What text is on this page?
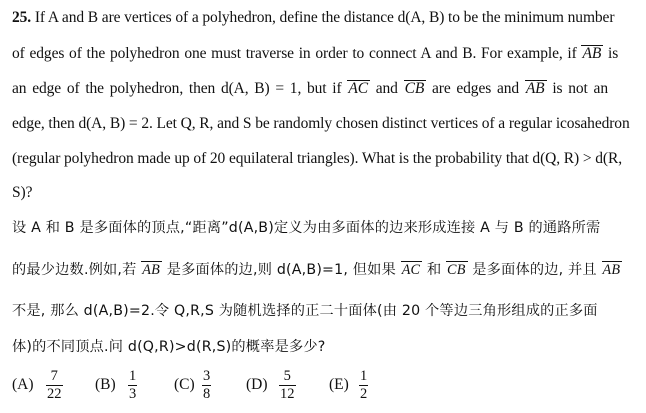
25. If A and B are vertices of a polyhedron, define the distance d(A, B) to be the minimum number
of edges of the polyhedron one must traverse in order to connect A and B. For example, if AB is
an edge of the polyhedron, then d(A, B) = 1, but if AC and CB are edges and AB is not an
edge, then d(A, B) = 2. Let Q, R, and S be randomly chosen distinct vertices of a regular icosahedron
(regular polyhedron made up of 20 equilateral triangles). What is the probability that d(Q, R) > d(R,
S)?
设 A 和 B 是多面体的顶点,“距离”d(A,B)定义为由多面体的边来形成连接 A 与 B 的通路所需
的最少边数.例如,若 AB 是多面体的边,则 d(A,B)=1, 但如果 AC 和 CB 是多面体的边, 并且 AB
不是, 那么 d(A,B)=2.令 Q,R,S 为随机选择的正二十面体(由 20 个等边三角形组成的正多面
体)的不同顶点.问 d(Q,R)>d(R,S)的概率是多少?
(A)	7
22
(B) 1
3
(C) 3
8
(D)	5
12
(E) 1
2
